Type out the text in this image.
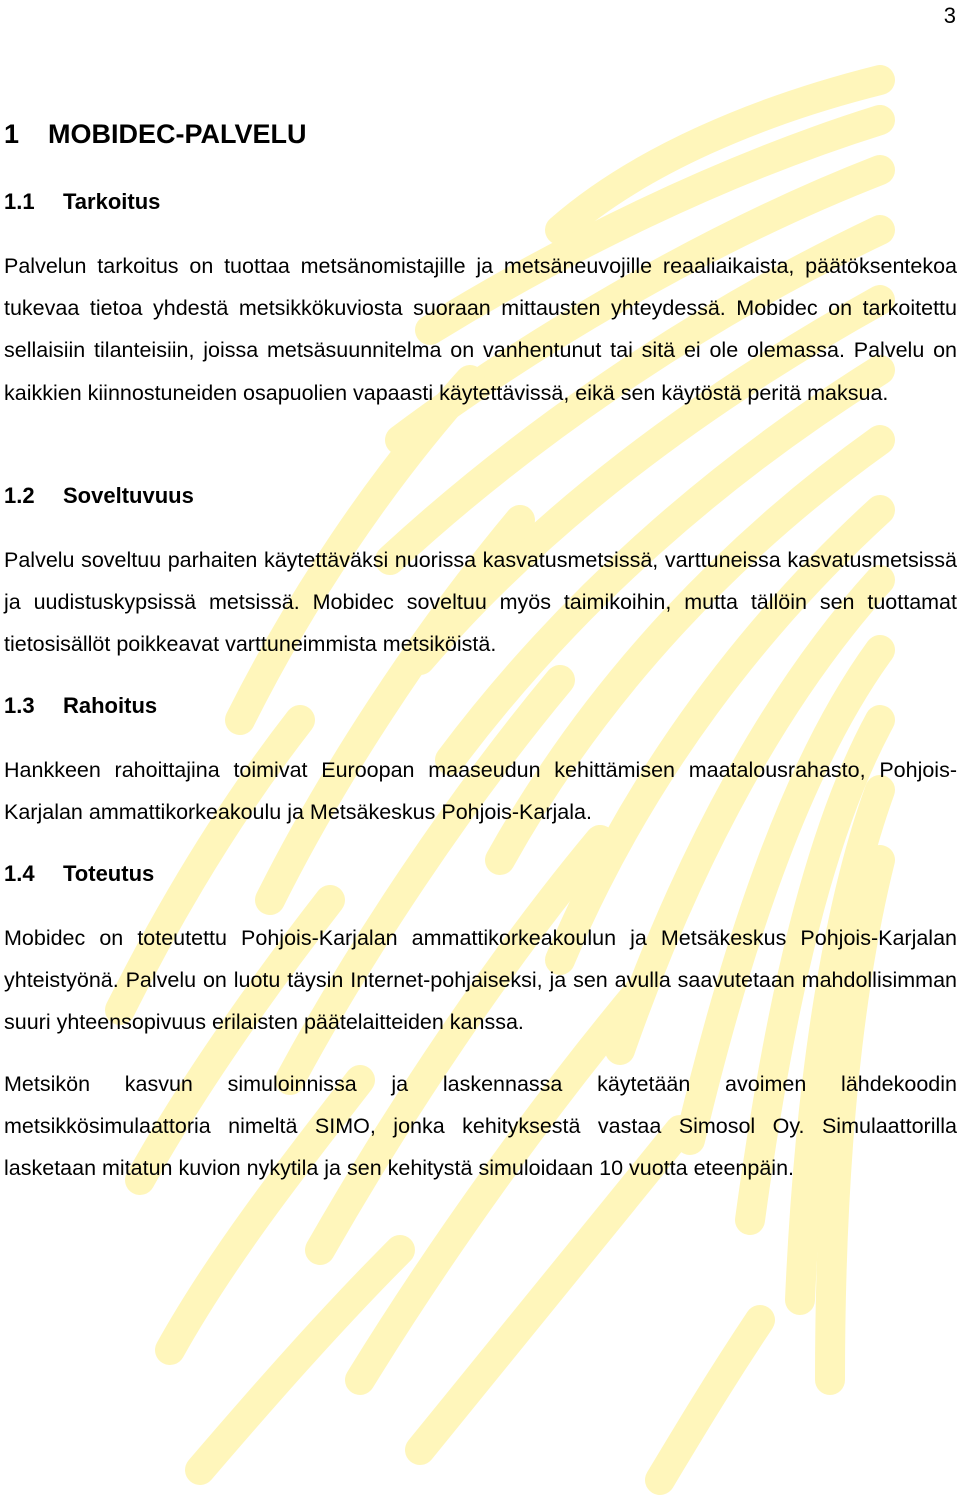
3
1 MOBIDEC-PALVELU
1.1 Tarkoitus

Palvelun tarkoitus on tuottaa metsänomistajille ja metsäneuvojille reaaliaikaista, päätöksentekoa tukevaa tietoa yhdestä metsikkökuviosta suoraan mittausten yhteydessä. Mobidec on tarkoitettu sellaisiin tilanteisiin, joissa metsäsuunnitelma on vanhentunut tai sitä ei ole olemassa. Palvelu on kaikkien kiinnostuneiden osapuolien vapaasti käytettävissä, eikä sen käytöstä peritä maksua.

1.2 Soveltuvuus

Palvelu soveltuu parhaiten käytettäväksi nuorissa kasvatusmetsissä, varttuneissa kasvatusmetsissä ja uudistuskypsissä metsissä. Mobidec soveltuu myös taimikoihin, mutta tällöin sen tuottamat tietosisällöt poikkeavat varttuneimmista metsiköistä.

1.3 Rahoitus

Hankkeen rahoittajina toimivat Euroopan maaseudun kehittämisen maatalousrahasto, Pohjois-Karjalan ammattikorkeakoulu ja Metsäkeskus Pohjois-Karjala.

1.4 Toteutus

Mobidec on toteutettu Pohjois-Karjalan ammattikorkeakoulun ja Metsäkeskus Pohjois-Karjalan yhteistyönä. Palvelu on luotu täysin Internet-pohjaiseksi, ja sen avulla saavutetaan mahdollisimman suuri yhteensopivuus erilaisten päätelaitteiden kanssa.

Metsikön kasvun simuloinnissa ja laskennassa käytetään avoimen lähdekoodin metsikkösimulaattoria nimeltä SIMO, jonka kehityksestä vastaa Simosol Oy. Simulaattorilla lasketaan mitatun kuvion nykytila ja sen kehitystä simuloidaan 10 vuotta eteenpäin.
